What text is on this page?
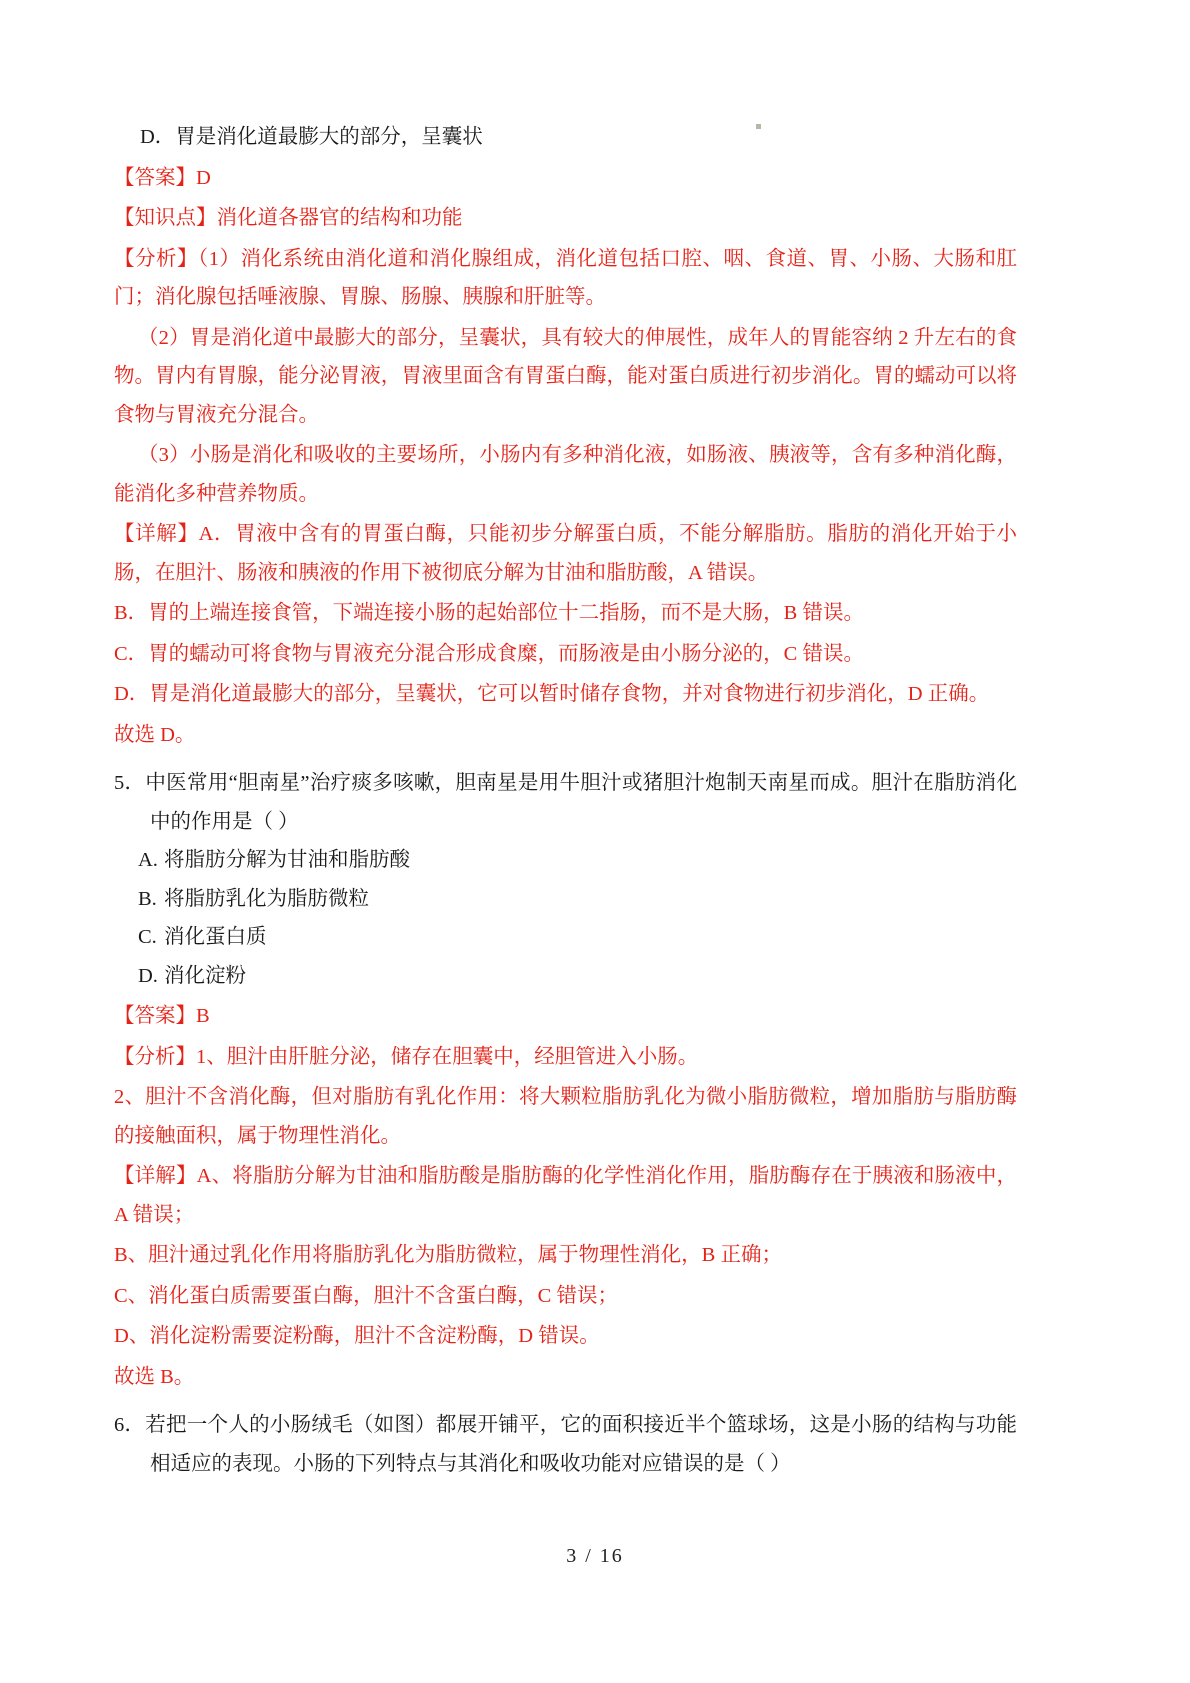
D．胃是消化道最膨大的部分，呈囊状
【答案】D
【知识点】消化道各器官的结构和功能
【分析】（1）消化系统由消化道和消化腺组成，消化道包括口腔、咽、食道、胃、小肠、大肠和肛门；消化腺包括唾液腺、胃腺、肠腺、胰腺和肝脏等。
（2）胃是消化道中最膨大的部分，呈囊状，具有较大的伸展性，成年人的胃能容纳 2 升左右的食物。胃内有胃腺，能分泌胃液，胃液里面含有胃蛋白酶，能对蛋白质进行初步消化。胃的蠕动可以将食物与胃液充分混合。
（3）小肠是消化和吸收的主要场所，小肠内有多种消化液，如肠液、胰液等，含有多种消化酶，能消化多种营养物质。
【详解】A．胃液中含有的胃蛋白酶，只能初步分解蛋白质，不能分解脂肪。脂肪的消化开始于小肠，在胆汁、肠液和胰液的作用下被彻底分解为甘油和脂肪酸，A 错误。
B．胃的上端连接食管，下端连接小肠的起始部位十二指肠，而不是大肠，B 错误。
C．胃的蠕动可将食物与胃液充分混合形成食糜，而肠液是由小肠分泌的，C 错误。
D．胃是消化道最膨大的部分，呈囊状，它可以暂时储存食物，并对食物进行初步消化，D 正确。
故选 D。
5．中医常用“胆南星”治疗痰多咳嗽，胆南星是用牛胆汁或猪胆汁炮制天南星而成。胆汁在脂肪消化中的作用是（ ）
A. 将脂肪分解为甘油和脂肪酸
B. 将脂肪乳化为脂肪微粒
C. 消化蛋白质
D. 消化淀粉
【答案】B
【分析】1、胆汁由肝脏分泌，储存在胆囊中，经胆管进入小肠。
2、胆汁不含消化酶，但对脂肪有乳化作用：将大颗粒脂肪乳化为微小脂肪微粒，增加脂肪与脂肪酶的接触面积，属于物理性消化。
【详解】A、将脂肪分解为甘油和脂肪酸是脂肪酶的化学性消化作用，脂肪酶存在于胰液和肠液中，A 错误；
B、胆汁通过乳化作用将脂肪乳化为脂肪微粒，属于物理性消化，B 正确；
C、消化蛋白质需要蛋白酶，胆汁不含蛋白酶，C 错误；
D、消化淀粉需要淀粉酶，胆汁不含淀粉酶，D 错误。
故选 B。
6．若把一个人的小肠绒毛（如图）都展开铺平，它的面积接近半个篮球场，这是小肠的结构与功能相适应的表现。小肠的下列特点与其消化和吸收功能对应错误的是（ ）
3 / 16
